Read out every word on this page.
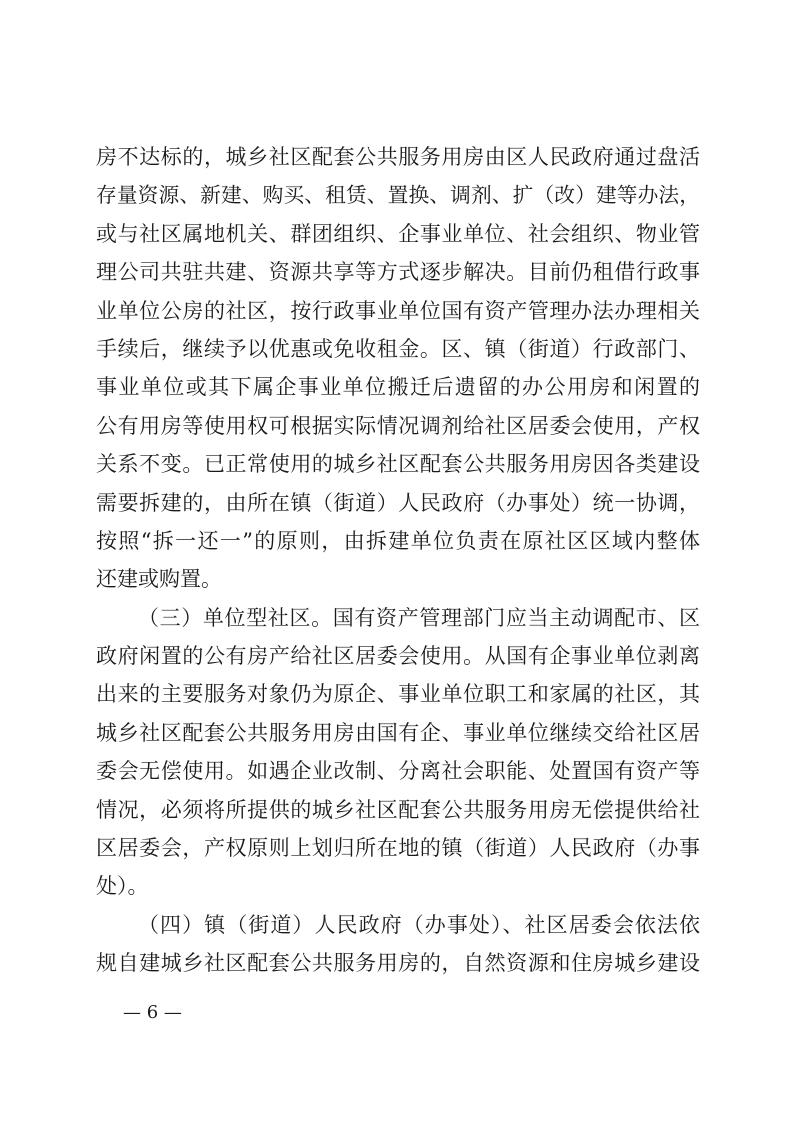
房不达标的，城乡社区配套公共服务用房由区人民政府通过盘活
存量资源、新建、购买、租赁、置换、调剂、扩（改）建等办法，
或与社区属地机关、群团组织、企事业单位、社会组织、物业管
理公司共驻共建、资源共享等方式逐步解决。目前仍租借行政事
业单位公房的社区，按行政事业单位国有资产管理办法办理相关
手续后，继续予以优惠或免收租金。区、镇（街道）行政部门、
事业单位或其下属企事业单位搬迁后遗留的办公用房和闲置的
公有用房等使用权可根据实际情况调剂给社区居委会使用，产权
关系不变。已正常使用的城乡社区配套公共服务用房因各类建设
需要拆建的，由所在镇（街道）人民政府（办事处）统一协调，
按照“拆一还一”的原则，由拆建单位负责在原社区区域内整体
还建或购置。
（三）单位型社区。国有资产管理部门应当主动调配市、区
政府闲置的公有房产给社区居委会使用。从国有企事业单位剥离
出来的主要服务对象仍为原企、事业单位职工和家属的社区，其
城乡社区配套公共服务用房由国有企、事业单位继续交给社区居
委会无偿使用。如遇企业改制、分离社会职能、处置国有资产等
情况，必须将所提供的城乡社区配套公共服务用房无偿提供给社
区居委会，产权原则上划归所在地的镇（街道）人民政府（办事
处）。
（四）镇（街道）人民政府（办事处）、社区居委会依法依
规自建城乡社区配套公共服务用房的，自然资源和住房城乡建设
— 6 —
